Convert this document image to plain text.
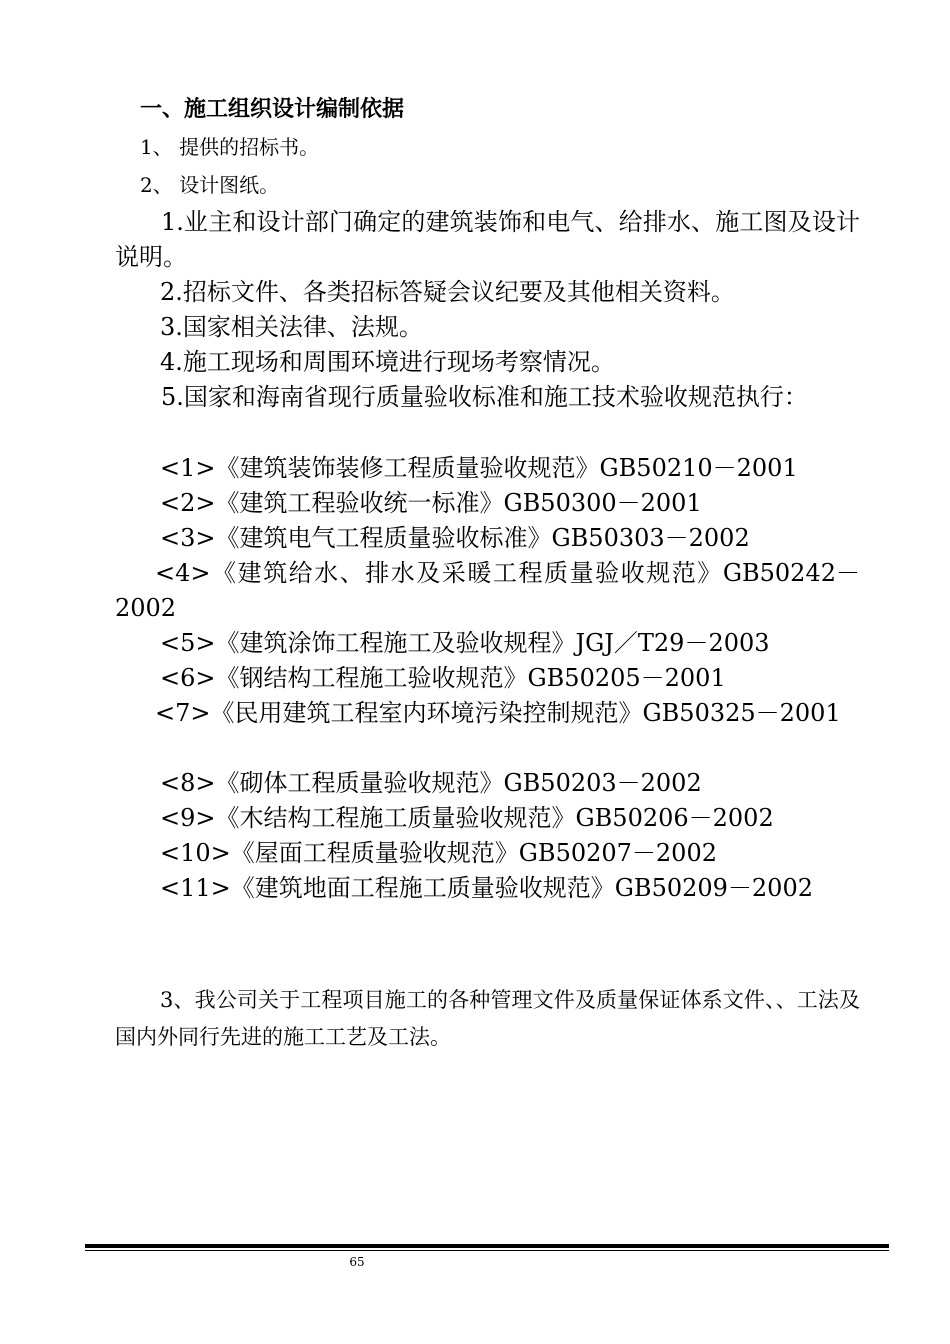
一、施工组织设计编制依据
1、 提供的招标书。
2、 设计图纸。
1.业主和设计部门确定的建筑装饰和电气、给排水、施工图及设计说明。
2.招标文件、各类招标答疑会议纪要及其他相关资料。
3.国家相关法律、法规。
4.施工现场和周围环境进行现场考察情况。
5.国家和海南省现行质量验收标准和施工技术验收规范执行：
<1>《建筑装饰装修工程质量验收规范》GB50210－2001
<2>《建筑工程验收统一标准》GB50300－2001
<3>《建筑电气工程质量验收标准》GB50303－2002
<4>《建筑给水、排水及采暖工程质量验收规范》GB50242－2002
<5>《建筑涂饰工程施工及验收规程》JGJ／T29－2003
<6>《钢结构工程施工验收规范》GB50205－2001
<7>《民用建筑工程室内环境污染控制规范》GB50325－2001
<8>《砌体工程质量验收规范》GB50203－2002
<9>《木结构工程施工质量验收规范》GB50206－2002
<10>《屋面工程质量验收规范》GB50207－2002
<11>《建筑地面工程施工质量验收规范》GB50209－2002
3、我公司关于工程项目施工的各种管理文件及质量保证体系文件、、工法及国内外同行先进的施工工艺及工法。
65
